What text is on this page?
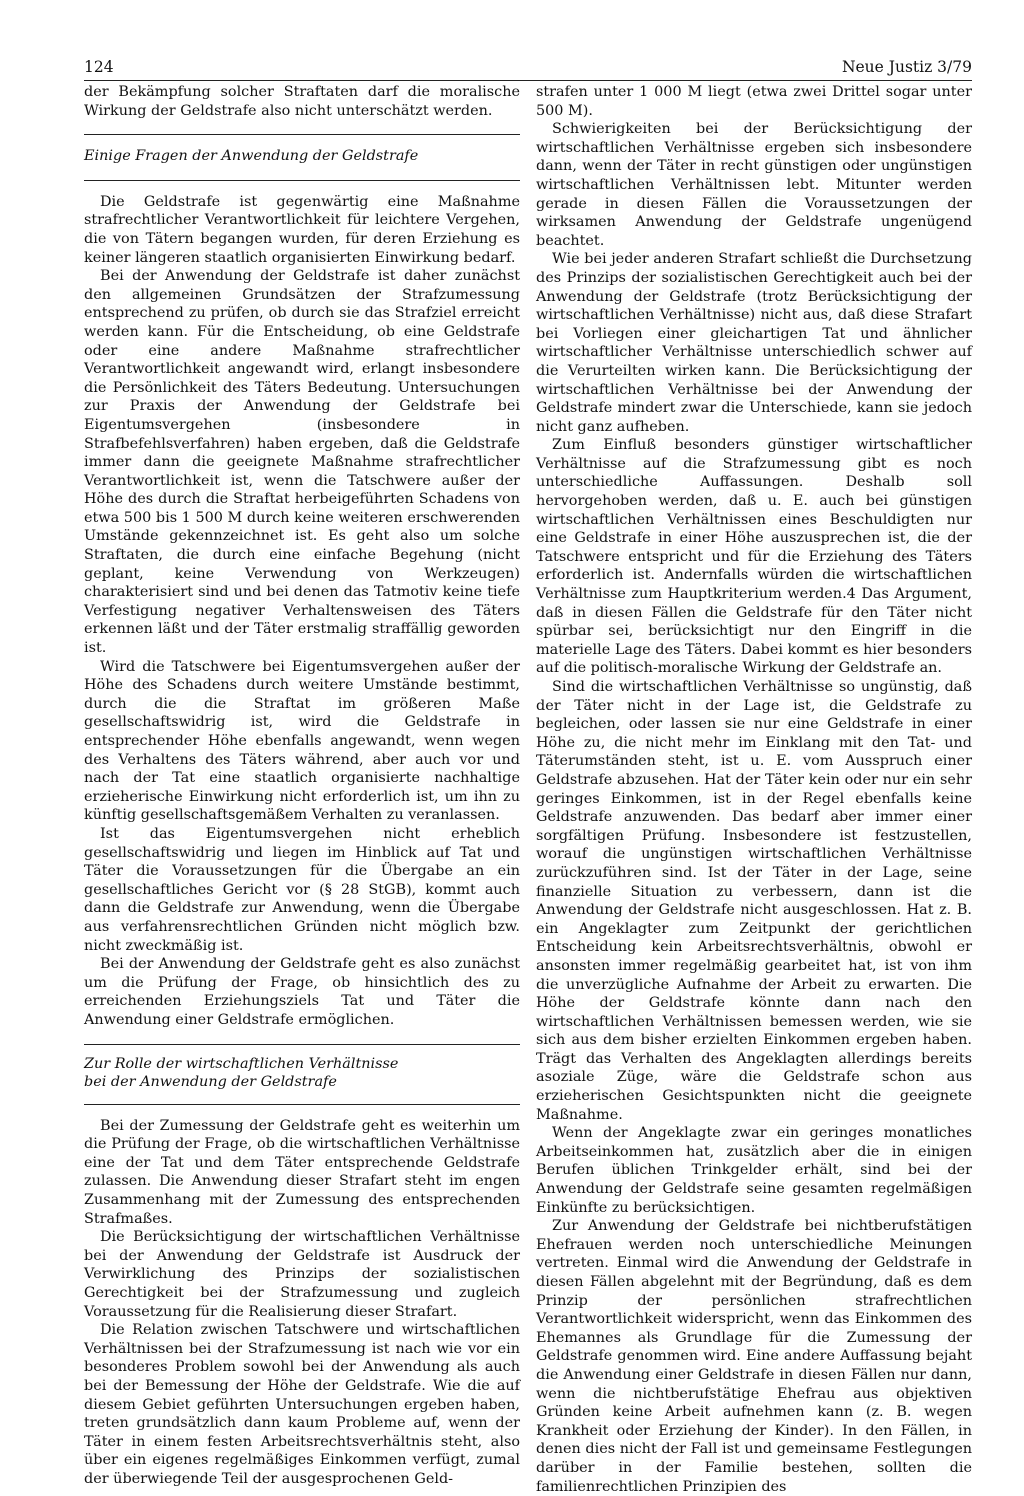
124	Neue Justiz 3/79

der Bekämpfung solcher Straftaten darf die moralische Wirkung der Geldstrafe also nicht unterschätzt werden.

Einige Fragen der Anwendung der Geldstrafe

Die Geldstrafe ist gegenwärtig eine Maßnahme strafrechtlicher Verantwortlichkeit für leichtere Vergehen, die von Tätern begangen wurden, für deren Erziehung es keiner längeren staatlich organisierten Einwirkung bedarf.

Bei der Anwendung der Geldstrafe ist daher zunächst den allgemeinen Grundsätzen der Strafzumessung entsprechend zu prüfen, ob durch sie das Strafziel erreicht werden kann. Für die Entscheidung, ob eine Geldstrafe oder eine andere Maßnahme strafrechtlicher Verantwortlichkeit angewandt wird, erlangt insbesondere die Persönlichkeit des Täters Bedeutung. Untersuchungen zur Praxis der Anwendung der Geldstrafe bei Eigentumsvergehen (insbesondere in Strafbefehlsverfahren) haben ergeben, daß die Geldstrafe immer dann die geeignete Maßnahme strafrechtlicher Verantwortlichkeit ist, wenn die Tatschwere außer der Höhe des durch die Straftat herbeigeführten Schadens von etwa 500 bis 1 500 M durch keine weiteren erschwerenden Umstände gekennzeichnet ist. Es geht also um solche Straftaten, die durch eine einfache Begehung (nicht geplant, keine Verwendung von Werkzeugen) charakterisiert sind und bei denen das Tatmotiv keine tiefe Verfestigung negativer Verhaltensweisen des Täters erkennen läßt und der Täter erstmalig straffällig geworden ist.

Wird die Tatschwere bei Eigentumsvergehen außer der Höhe des Schadens durch weitere Umstände bestimmt, durch die die Straftat im größeren Maße gesellschaftswidrig ist, wird die Geldstrafe in entsprechender Höhe ebenfalls angewandt, wenn wegen des Verhaltens des Täters während, aber auch vor und nach der Tat eine staatlich organisierte nachhaltige erzieherische Einwirkung nicht erforderlich ist, um ihn zu künftig gesellschaftsgemäßem Verhalten zu veranlassen.

Ist das Eigentumsvergehen nicht erheblich gesellschaftswidrig und liegen im Hinblick auf Tat und Täter die Voraussetzungen für die Übergabe an ein gesellschaftliches Gericht vor (§ 28 StGB), kommt auch dann die Geldstrafe zur Anwendung, wenn die Übergabe aus verfahrensrechtlichen Gründen nicht möglich bzw. nicht zweckmäßig ist.

Bei der Anwendung der Geldstrafe geht es also zunächst um die Prüfung der Frage, ob hinsichtlich des zu erreichenden Erziehungsziels Tat und Täter die Anwendung einer Geldstrafe ermöglichen.

Zur Rolle der wirtschaftlichen Verhältnisse

bei der Anwendung der Geldstrafe

Bei der Zumessung der Geldstrafe geht es weiterhin um die Prüfung der Frage, ob die wirtschaftlichen Verhältnisse eine der Tat und dem Täter entsprechende Geldstrafe zulassen. Die Anwendung dieser Strafart steht im engen Zusammenhang mit der Zumessung des entsprechenden Strafmaßes.

Die Berücksichtigung der wirtschaftlichen Verhältnisse bei der Anwendung der Geldstrafe ist Ausdruck der Verwirklichung des Prinzips der sozialistischen Gerechtigkeit bei der Strafzumessung und zugleich Voraussetzung für die Realisierung dieser Strafart.

Die Relation zwischen Tatschwere und wirtschaftlichen Verhältnissen bei der Strafzumessung ist nach wie vor ein besonderes Problem sowohl bei der Anwendung als auch bei der Bemessung der Höhe der Geldstrafe. Wie die auf diesem Gebiet geführten Untersuchungen ergeben haben, treten grundsätzlich dann kaum Probleme auf, wenn der Täter in einem festen Arbeitsrechtsverhältnis steht, also über ein eigenes regelmäßiges Einkommen verfügt, zumal der überwiegende Teil der ausgesprochenen Geld-

strafen unter 1 000 M liegt (etwa zwei Drittel sogar unter 500 M).

Schwierigkeiten bei der Berücksichtigung der wirtschaftlichen Verhältnisse ergeben sich insbesondere dann, wenn der Täter in recht günstigen oder ungünstigen wirtschaftlichen Verhältnissen lebt. Mitunter werden gerade in diesen Fällen die Voraussetzungen der wirksamen Anwendung der Geldstrafe ungenügend beachtet.

Wie bei jeder anderen Strafart schließt die Durchsetzung des Prinzips der sozialistischen Gerechtigkeit auch bei der Anwendung der Geldstrafe (trotz Berücksichtigung der wirtschaftlichen Verhältnisse) nicht aus, daß diese Strafart bei Vorliegen einer gleichartigen Tat und ähnlicher wirtschaftlicher Verhältnisse unterschiedlich schwer auf die Verurteilten wirken kann. Die Berücksichtigung der wirtschaftlichen Verhältnisse bei der Anwendung der Geldstrafe mindert zwar die Unterschiede, kann sie jedoch nicht ganz aufheben.

Zum Einfluß besonders günstiger wirtschaftlicher Verhältnisse auf die Strafzumessung gibt es noch unterschiedliche Auffassungen. Deshalb soll hervorgehoben werden, daß u. E. auch bei günstigen wirtschaftlichen Verhältnissen eines Beschuldigten nur eine Geldstrafe in einer Höhe auszusprechen ist, die der Tatschwere entspricht und für die Erziehung des Täters erforderlich ist. Andernfalls würden die wirtschaftlichen Verhältnisse zum Hauptkriterium werden.4 Das Argument, daß in diesen Fällen die Geldstrafe für den Täter nicht spürbar sei, berücksichtigt nur den Eingriff in die materielle Lage des Täters. Dabei kommt es hier besonders auf die politisch-moralische Wirkung der Geldstrafe an.

Sind die wirtschaftlichen Verhältnisse so ungünstig, daß der Täter nicht in der Lage ist, die Geldstrafe zu begleichen, oder lassen sie nur eine Geldstrafe in einer Höhe zu, die nicht mehr im Einklang mit den Tat- und Täterumständen steht, ist u. E. vom Ausspruch einer Geldstrafe abzusehen. Hat der Täter kein oder nur ein sehr geringes Einkommen, ist in der Regel ebenfalls keine Geldstrafe anzuwenden. Das bedarf aber immer einer sorgfältigen Prüfung. Insbesondere ist festzustellen, worauf die ungünstigen wirtschaftlichen Verhältnisse zurückzuführen sind. Ist der Täter in der Lage, seine finanzielle Situation zu verbessern, dann ist die Anwendung der Geldstrafe nicht ausgeschlossen. Hat z. B. ein Angeklagter zum Zeitpunkt der gerichtlichen Entscheidung kein Arbeitsrechtsverhältnis, obwohl er ansonsten immer regelmäßig gearbeitet hat, ist von ihm die unverzügliche Aufnahme der Arbeit zu erwarten. Die Höhe der Geldstrafe könnte dann nach den wirtschaftlichen Verhältnissen bemessen werden, wie sie sich aus dem bisher erzielten Einkommen ergeben haben. Trägt das Verhalten des Angeklagten allerdings bereits asoziale Züge, wäre die Geldstrafe schon aus erzieherischen Gesichtspunkten nicht die geeignete Maßnahme.

Wenn der Angeklagte zwar ein geringes monatliches Arbeitseinkommen hat, zusätzlich aber die in einigen Berufen üblichen Trinkgelder erhält, sind bei der Anwendung der Geldstrafe seine gesamten regelmäßigen Einkünfte zu berücksichtigen.

Zur Anwendung der Geldstrafe bei nichtberufstätigen Ehefrauen werden noch unterschiedliche Meinungen vertreten. Einmal wird die Anwendung der Geldstrafe in diesen Fällen abgelehnt mit der Begründung, daß es dem Prinzip der persönlichen strafrechtlichen Verantwortlichkeit widerspricht, wenn das Einkommen des Ehemannes als Grundlage für die Zumessung der Geldstrafe genommen wird. Eine andere Auffassung bejaht die Anwendung einer Geldstrafe in diesen Fällen nur dann, wenn die nichtberufstätige Ehefrau aus objektiven Gründen keine Arbeit aufnehmen kann (z. B. wegen Krankheit oder Erziehung der Kinder). In den Fällen, in denen dies nicht der Fall ist und gemeinsame Festlegungen darüber in der Familie bestehen, sollten die familienrechtlichen Prinzipien des
